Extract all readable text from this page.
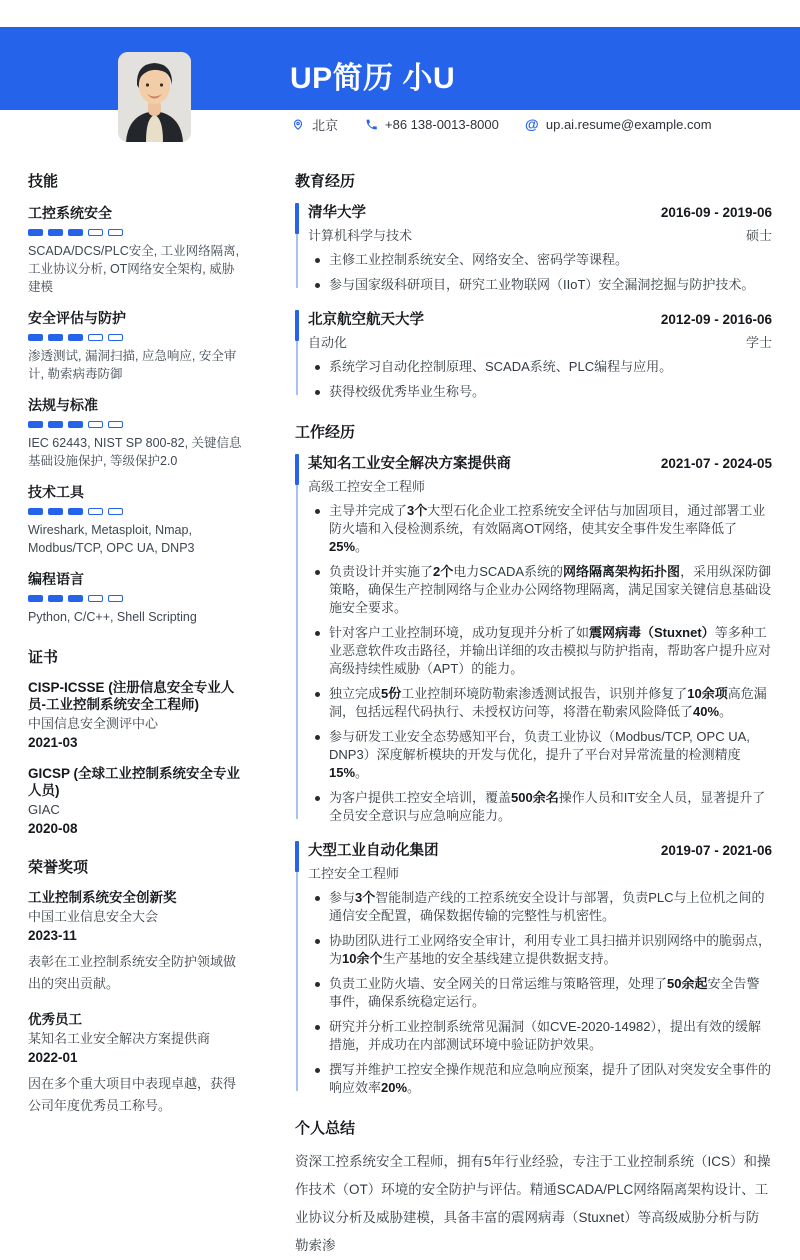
UP简历 小U
北京	+86 138-0013-8000 @ up.ai.resume@example.com
技能
工控系统安全
SCADA/DCS/PLC安全, 工业网络隔离, 工业协议分析, OT网络安全架构, 威胁建模
安全评估与防护
渗透测试, 漏洞扫描, 应急响应, 安全审计, 勒索病毒防御
法规与标准
IEC 62443, NIST SP 800-82, 关键信息基础设施保护, 等级保护2.0
技术工具
Wireshark, Metasploit, Nmap, Modbus/TCP, OPC UA, DNP3
编程语言
Python, C/C++, Shell Scripting
证书
CISP-ICSSE (注册信息安全专业人员-工业控制系统安全工程师)
中国信息安全测评中心
2021-03
GICSP (全球工业控制系统安全专业人员)
GIAC
2020-08
荣誉奖项
工业控制系统安全创新奖
中国工业信息安全大会
2023-11
表彰在工业控制系统安全防护领域做出的突出贡献。
优秀员工
某知名工业安全解决方案提供商
2022-01
因在多个重大项目中表现卓越，获得公司年度优秀员工称号。
教育经历
清华大学	2016-09 - 2019-06
计算机科学与技术	硕士
主修工业控制系统安全、网络安全、密码学等课程。
参与国家级科研项目，研究工业物联网（IIoT）安全漏洞挖掘与防护技术。
北京航空航天大学	2012-09 - 2016-06
自动化	学士
系统学习自动化控制原理、SCADA系统、PLC编程与应用。
获得校级优秀毕业生称号。
工作经历
某知名工业安全解决方案提供商	2021-07 - 2024-05
高级工控安全工程师
主导并完成了3个大型石化企业工控系统安全评估与加固项目，通过部署工业防火墙和入侵检测系统，有效隔离OT网络，使其安全事件发生率降低了25%。
负责设计并实施了2个电力SCADA系统的网络隔离架构拓扑图，采用纵深防御策略，确保生产控制网络与企业办公网络物理隔离，满足国家关键信息基础设施安全要求。
针对客户工业控制环境，成功复现并分析了如震网病毒（Stuxnet）等多种工业恶意软件攻击路径，并输出详细的攻击模拟与防护指南，帮助客户提升应对高级持续性威胁（APT）的能力。
独立完成5份工业控制环境防勒索渗透测试报告，识别并修复了10余项高危漏洞，包括远程代码执行、未授权访问等，将潜在勒索风险降低了40%。
参与研发工业安全态势感知平台，负责工业协议（Modbus/TCP, OPC UA, DNP3）深度解析模块的开发与优化，提升了平台对异常流量的检测精度15%。
为客户提供工控安全培训，覆盖500余名操作人员和IT安全人员，显著提升了全员安全意识与应急响应能力。
大型工业自动化集团	2019-07 - 2021-06
工控安全工程师
参与3个智能制造产线的工控系统安全设计与部署，负责PLC与上位机之间的通信安全配置，确保数据传输的完整性与机密性。
协助团队进行工业网络安全审计，利用专业工具扫描并识别网络中的脆弱点，为10余个生产基地的安全基线建立提供数据支持。
负责工业防火墙、安全网关的日常运维与策略管理，处理了50余起安全告警事件，确保系统稳定运行。
研究并分析工业控制系统常见漏洞（如CVE-2020-14982），提出有效的缓解措施，并成功在内部测试环境中验证防护效果。
撰写并维护工控安全操作规范和应急响应预案，提升了团队对突发安全事件的响应效率20%。
个人总结

资深工控系统安全工程师，拥有5年行业经验，专注于工业控制系统（ICS）和操作技术（OT）环境的安全防护与评估。精通SCADA/PLC网络隔离架构设计、工业协议分析及威胁建模，具备丰富的震网病毒（Stuxnet）等高级威胁分析与防勒索渗
